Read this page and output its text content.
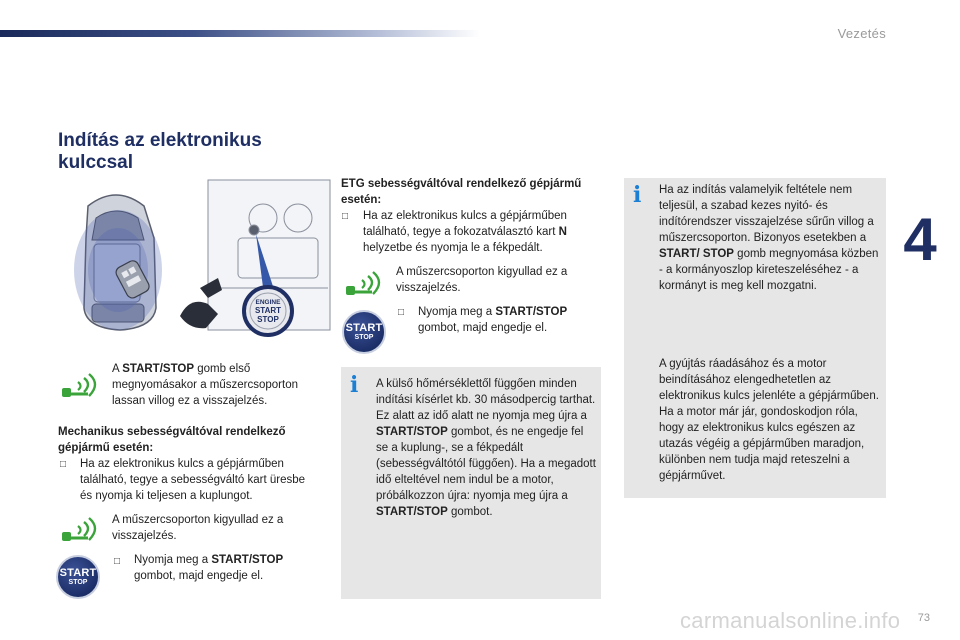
Vezetés
4
Indítás az elektronikus kulccsal
ENGINE
START
STOP
A START/STOP gomb első megnyomásakor a műszercsoporton lassan villog ez a visszajelzés.
Mechanikus sebességváltóval rendelkező gépjármű esetén:
□ Ha az elektronikus kulcs a gépjárműben található, tegye a sebességváltó kart üresbe és nyomja ki teljesen a kuplungot.
A műszercsoporton kigyullad ez a visszajelzés.
START
STOP
□ Nyomja meg a START/STOP gombot, majd engedje el.
ETG sebességváltóval rendelkező gépjármű esetén:
□ Ha az elektronikus kulcs a gépjárműben található, tegye a fokozatválasztó kart N helyzetbe és nyomja le a fékpedált.
A műszercsoporton kigyullad ez a visszajelzés.
START
STOP
□ Nyomja meg a START/STOP gombot, majd engedje el.
i A külső hőmérséklettől függően minden indítási kísérlet kb. 30 másodpercig tarthat. Ez alatt az idő alatt ne nyomja meg újra a START/STOP gombot, és ne engedje fel se a kuplung-, se a fékpedált (sebességváltótól függően). Ha a megadott idő elteltével nem indul be a motor, próbálkozzon újra: nyomja meg újra a START/STOP gombot.
i Ha az indítás valamelyik feltétele nem teljesül, a szabad kezes nyitó- és indítórendszer visszajelzése sűrűn villog a műszercsoporton. Bizonyos esetekben a START/ STOP gomb megnyomása közben - a kormányoszlop kireteszeléséhez - a kormányt is meg kell mozgatni.
A gyújtás ráadásához és a motor beindításához elengedhetetlen az elektronikus kulcs jelenléte a gépjárműben. Ha a motor már jár, gondoskodjon róla, hogy az elektronikus kulcs egészen az utazás végéig a gépjárműben maradjon, különben nem tudja majd reteszelni a gépjárművet.
carmanualsonline.info 73
